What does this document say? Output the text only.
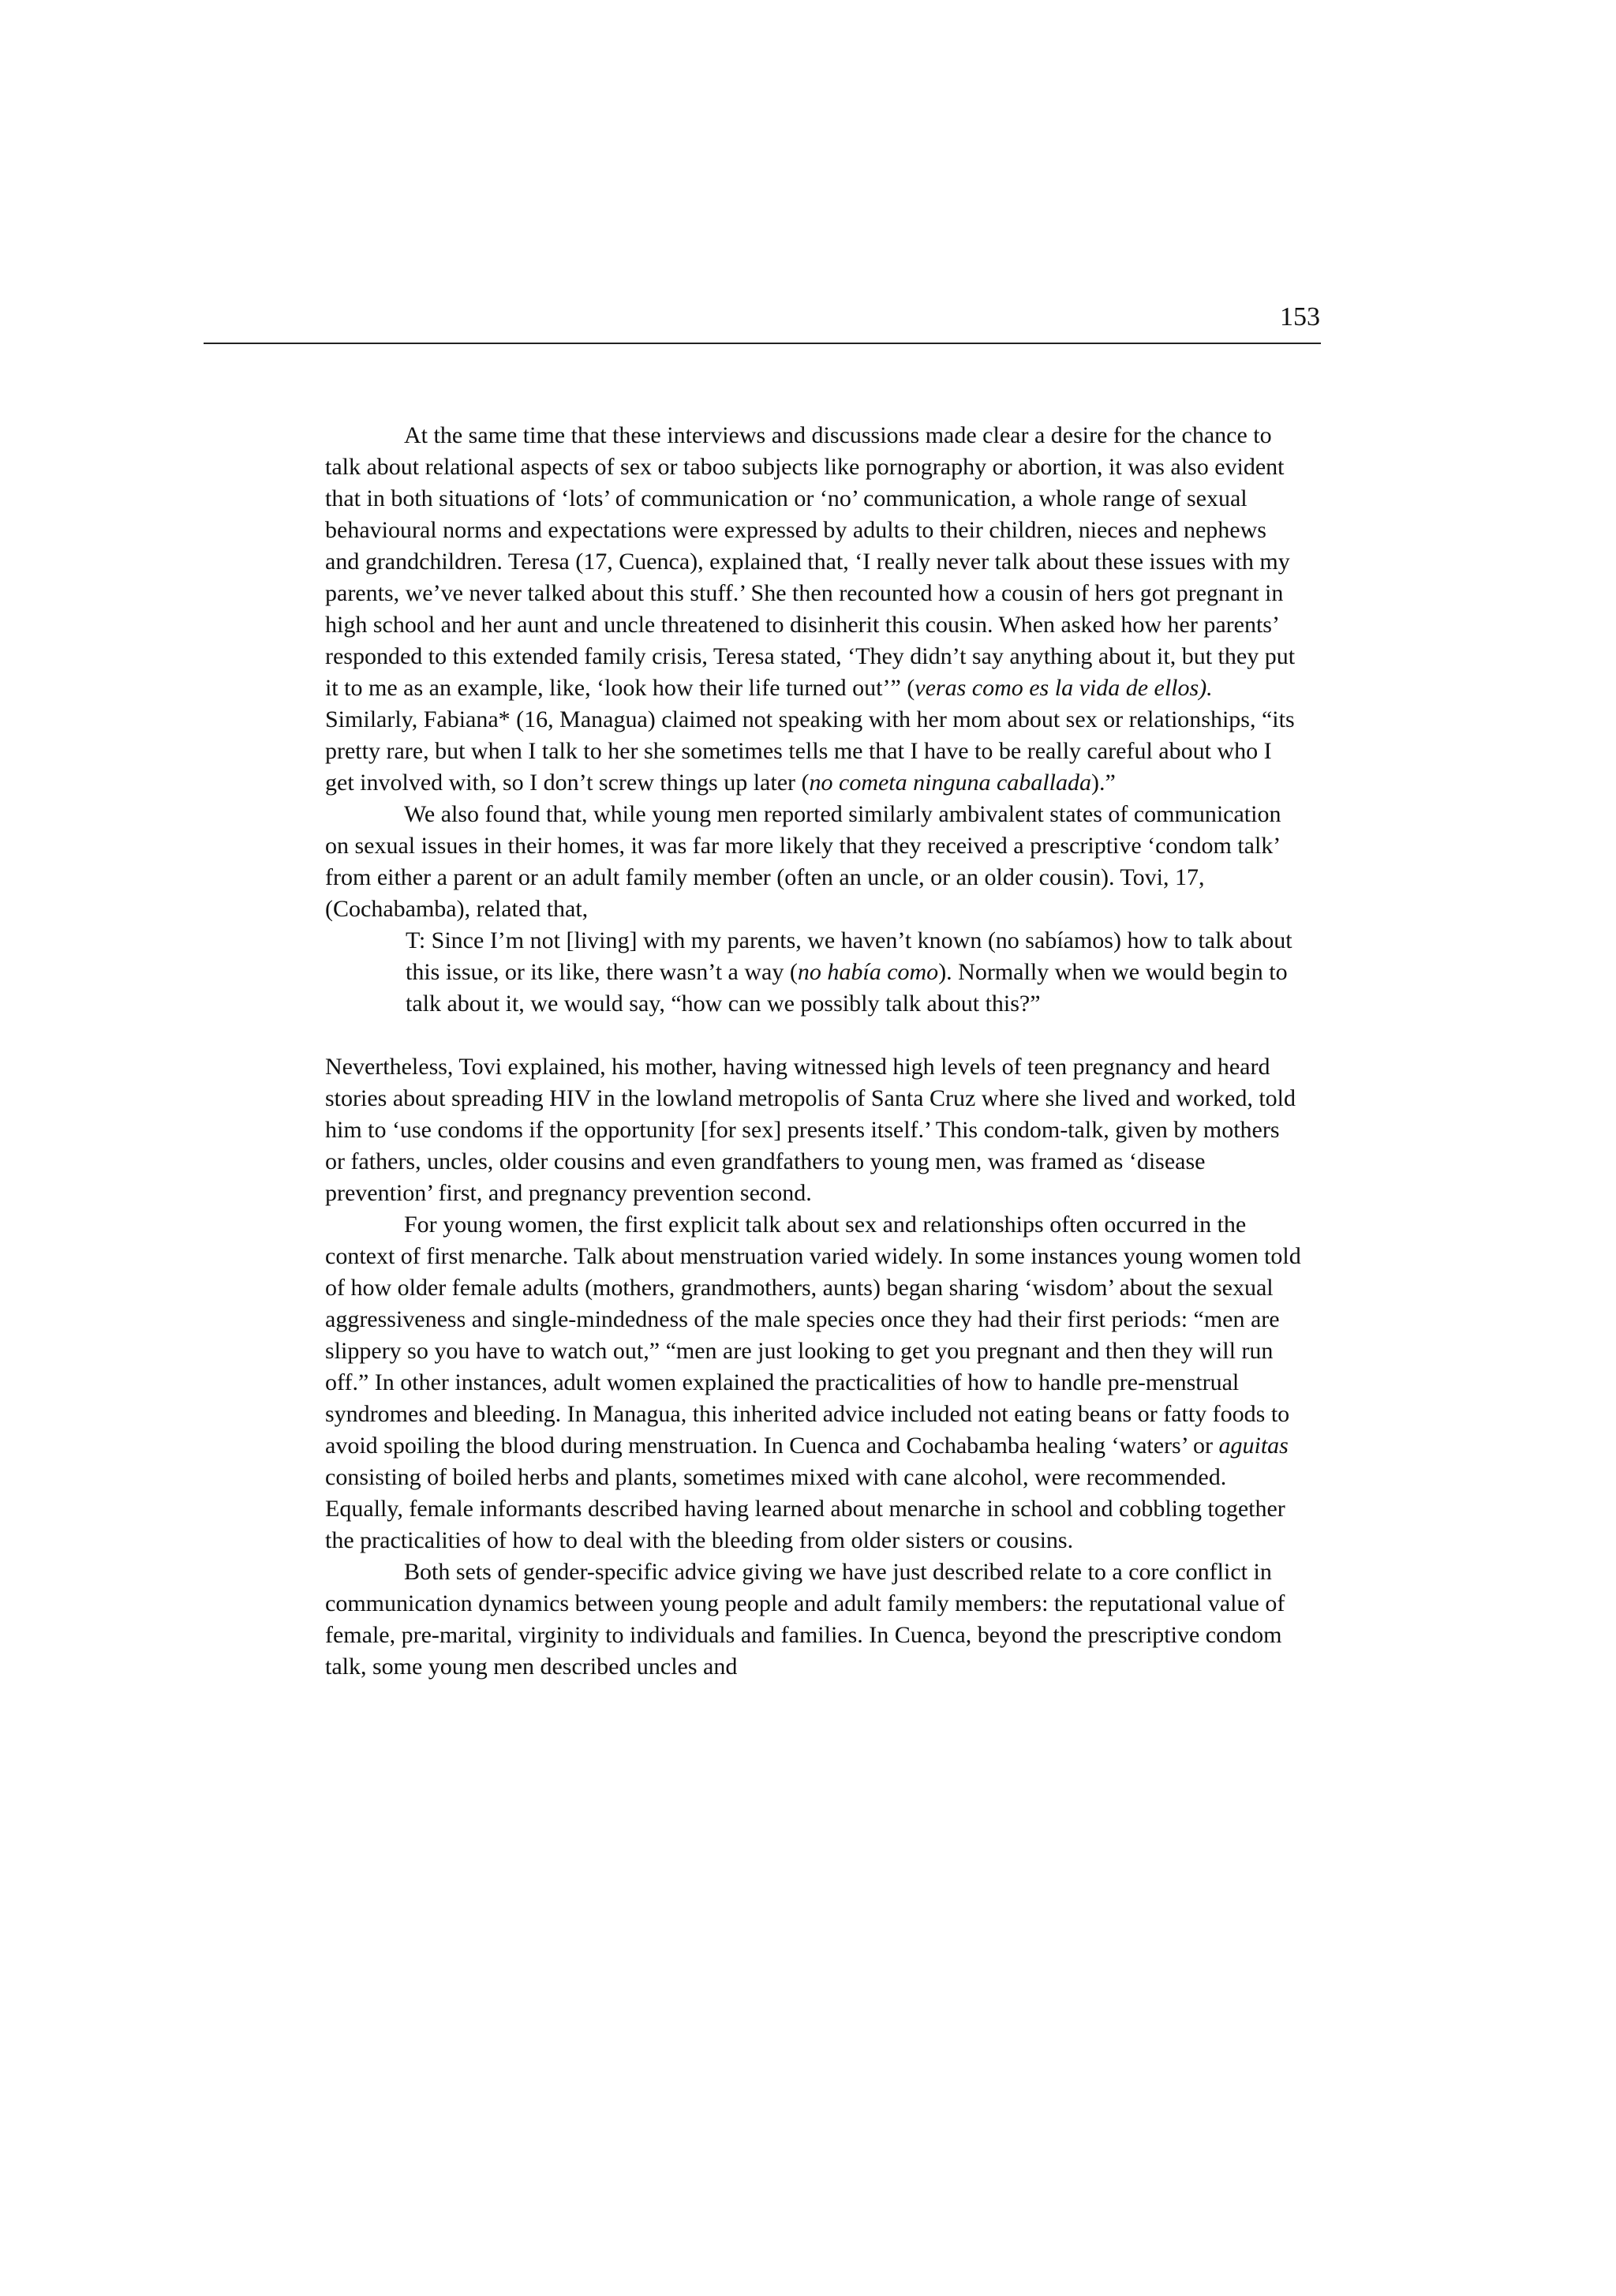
153

At the same time that these interviews and discussions made clear a desire for the chance to talk about relational aspects of sex or taboo subjects like pornography or abortion, it was also evident that in both situations of ‘lots’ of communication or ‘no’ communication, a whole range of sexual behavioural norms and expectations were expressed by adults to their children, nieces and nephews and grandchildren. Teresa (17, Cuenca), explained that, ‘I really never talk about these issues with my parents, we’ve never talked about this stuff.’ She then recounted how a cousin of hers got pregnant in high school and her aunt and uncle threatened to disinherit this cousin. When asked how her parents’ responded to this extended family crisis, Teresa stated, ‘They didn’t say anything about it, but they put it to me as an example, like, ‘look how their life turned out’” (veras como es la vida de ellos). Similarly, Fabiana* (16, Managua) claimed not speaking with her mom about sex or relationships, “its pretty rare, but when I talk to her she sometimes tells me that I have to be really careful about who I get involved with, so I don’t screw things up later (no cometa ninguna caballada).”

We also found that, while young men reported similarly ambivalent states of communication on sexual issues in their homes, it was far more likely that they received a prescriptive ‘condom talk’ from either a parent or an adult family member (often an uncle, or an older cousin). Tovi, 17, (Cochabamba), related that,

T: Since I’m not [living] with my parents, we haven’t known (no sabíamos) how to talk about this issue, or its like, there wasn’t a way (no había como). Normally when we would begin to talk about it, we would say, “how can we possibly talk about this?”

Nevertheless, Tovi explained, his mother, having witnessed high levels of teen pregnancy and heard stories about spreading HIV in the lowland metropolis of Santa Cruz where she lived and worked, told him to ‘use condoms if the opportunity [for sex] presents itself.’ This condom-talk, given by mothers or fathers, uncles, older cousins and even grandfathers to young men, was framed as ‘disease prevention’ first, and pregnancy prevention second.

For young women, the first explicit talk about sex and relationships often occurred in the context of first menarche. Talk about menstruation varied widely. In some instances young women told of how older female adults (mothers, grandmothers, aunts) began sharing ‘wisdom’ about the sexual aggressiveness and single-mindedness of the male species once they had their first periods: “men are slippery so you have to watch out,” “men are just looking to get you pregnant and then they will run off.” In other instances, adult women explained the practicalities of how to handle pre-menstrual syndromes and bleeding. In Managua, this inherited advice included not eating beans or fatty foods to avoid spoiling the blood during menstruation. In Cuenca and Cochabamba healing ‘waters’ or aguitas consisting of boiled herbs and plants, sometimes mixed with cane alcohol, were recommended. Equally, female informants described having learned about menarche in school and cobbling together the practicalities of how to deal with the bleeding from older sisters or cousins.

Both sets of gender-specific advice giving we have just described relate to a core conflict in communication dynamics between young people and adult family members: the reputational value of female, pre-marital, virginity to individuals and families. In Cuenca, beyond the prescriptive condom talk, some young men described uncles and
